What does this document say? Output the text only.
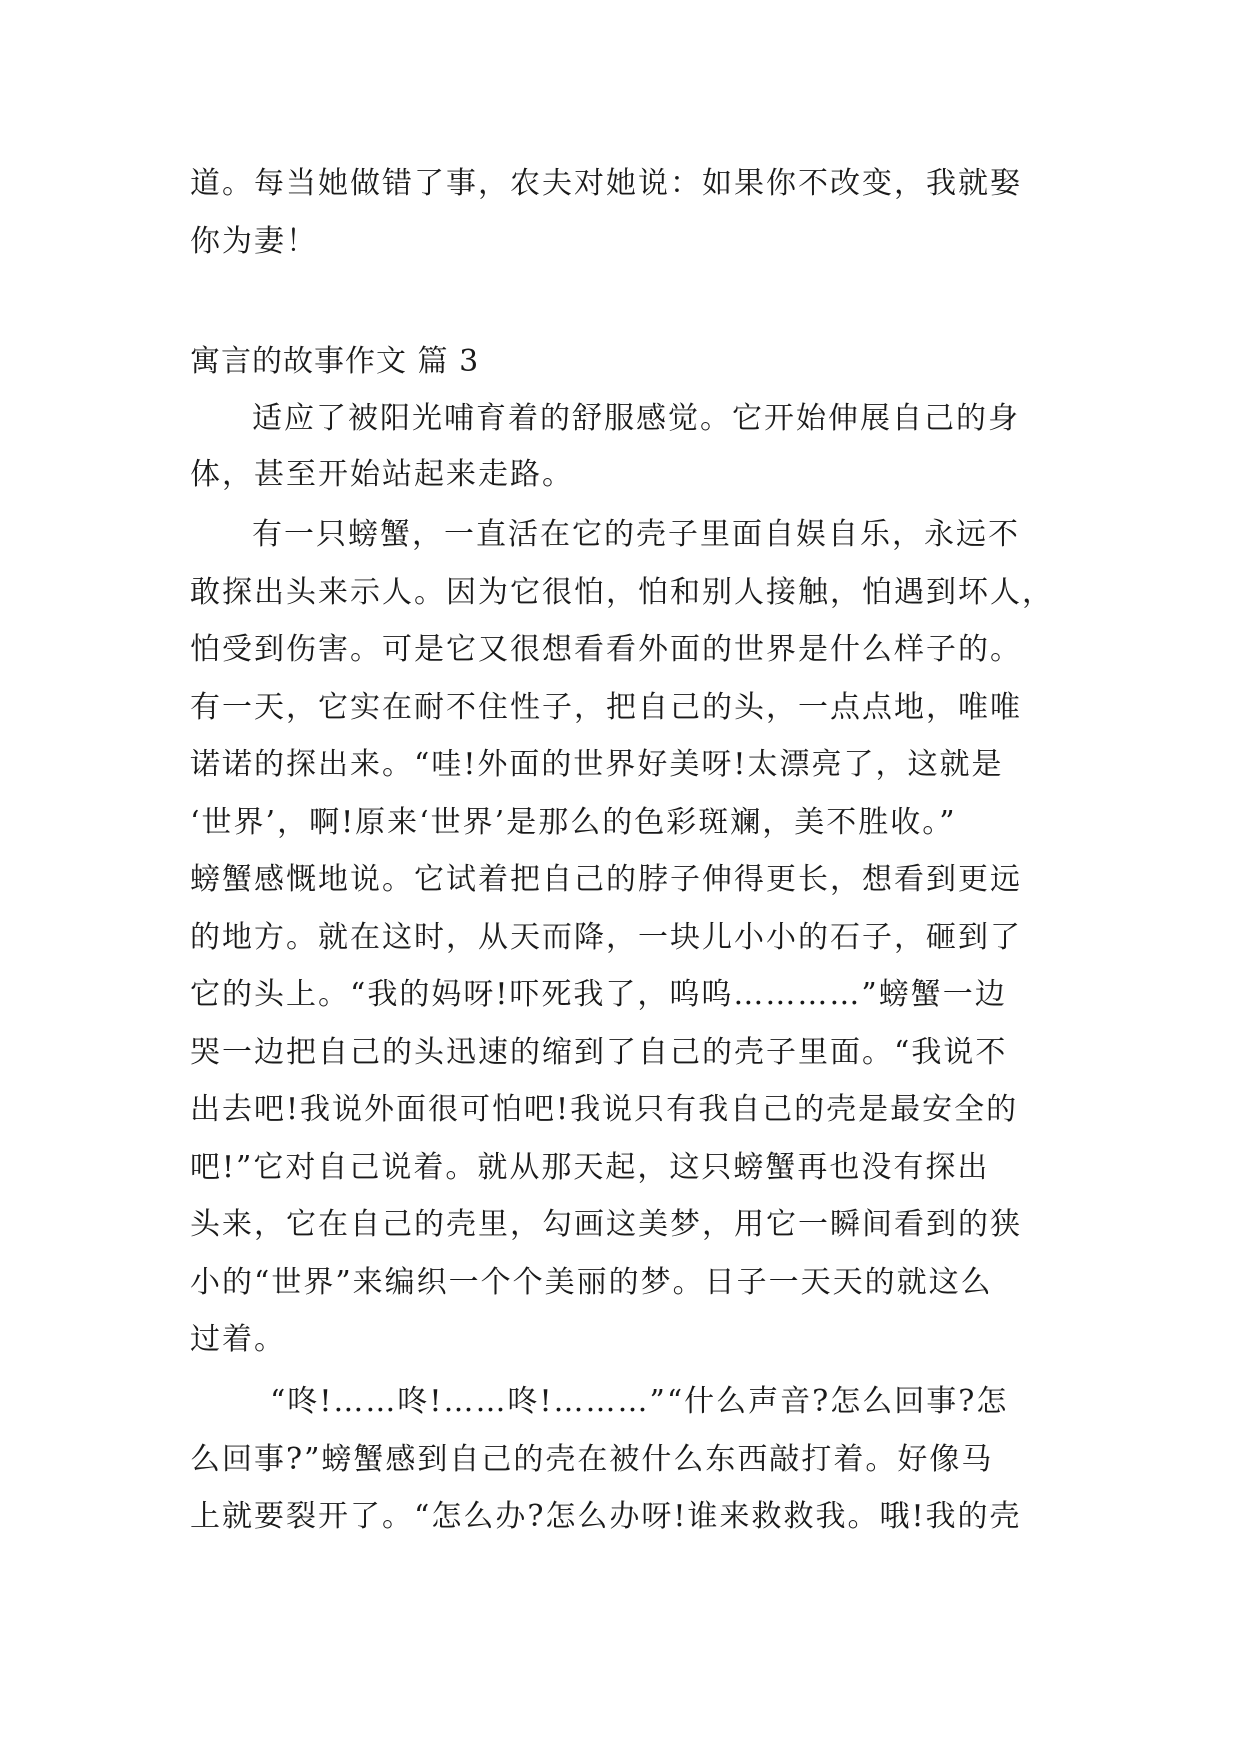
道。每当她做错了事，农夫对她说：如果你不改变，我就娶
你为妻！
寓言的故事作文 篇 3
适应了被阳光哺育着的舒服感觉。它开始伸展自己的身
体，甚至开始站起来走路。
有一只螃蟹，一直活在它的壳子里面自娱自乐，永远不
敢探出头来示人。因为它很怕，怕和别人接触，怕遇到坏人，
怕受到伤害。可是它又很想看看外面的世界是什么样子的。
有一天，它实在耐不住性子，把自己的头，一点点地，唯唯
诺诺的探出来。“哇!外面的世界好美呀!太漂亮了，这就是
‘世界’，啊!原来‘世界’是那么的色彩斑斓，美不胜收。”
螃蟹感慨地说。它试着把自己的脖子伸得更长，想看到更远
的地方。就在这时，从天而降，一块儿小小的石子，砸到了
它的头上。“我的妈呀!吓死我了，呜呜…………”螃蟹一边
哭一边把自己的头迅速的缩到了自己的壳子里面。“我说不
出去吧!我说外面很可怕吧!我说只有我自己的壳是最安全的
吧!”它对自己说着。就从那天起，这只螃蟹再也没有探出
头来，它在自己的壳里，勾画这美梦，用它一瞬间看到的狭
小的“世界”来编织一个个美丽的梦。日子一天天的就这么
过着。
“咚!……咚!……咚!………”“什么声音?怎么回事?怎
么回事?”螃蟹感到自己的壳在被什么东西敲打着。好像马
上就要裂开了。“怎么办?怎么办呀!谁来救救我。哦!我的壳
